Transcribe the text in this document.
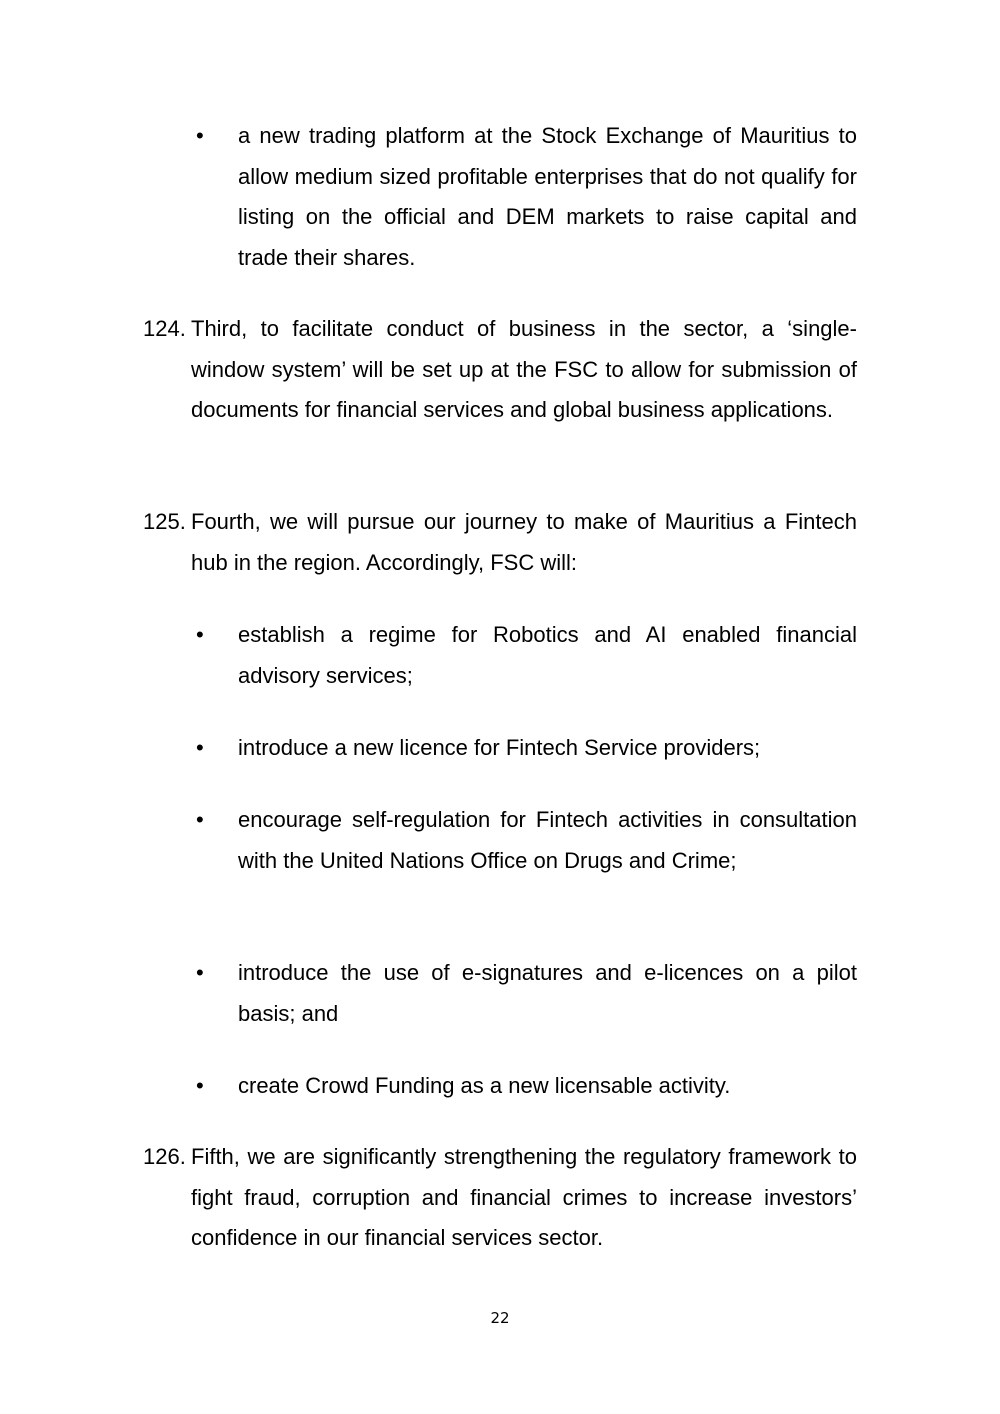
• a new trading platform at the Stock Exchange of Mauritius to allow medium sized profitable enterprises that do not qualify for listing on the official and DEM markets to raise capital and trade their shares.
124. Third, to facilitate conduct of business in the sector, a ‘single-window system’ will be set up at the FSC to allow for submission of documents for financial services and global business applications.
125. Fourth, we will pursue our journey to make of Mauritius a Fintech hub in the region. Accordingly, FSC will:
• establish a regime for Robotics and AI enabled financial advisory services;
• introduce a new licence for Fintech Service providers;
• encourage self-regulation for Fintech activities in consultation with the United Nations Office on Drugs and Crime;
• introduce the use of e-signatures and e-licences on a pilot basis; and
• create Crowd Funding as a new licensable activity.
126. Fifth, we are significantly strengthening the regulatory framework to fight fraud, corruption and financial crimes to increase investors’ confidence in our financial services sector.
22
